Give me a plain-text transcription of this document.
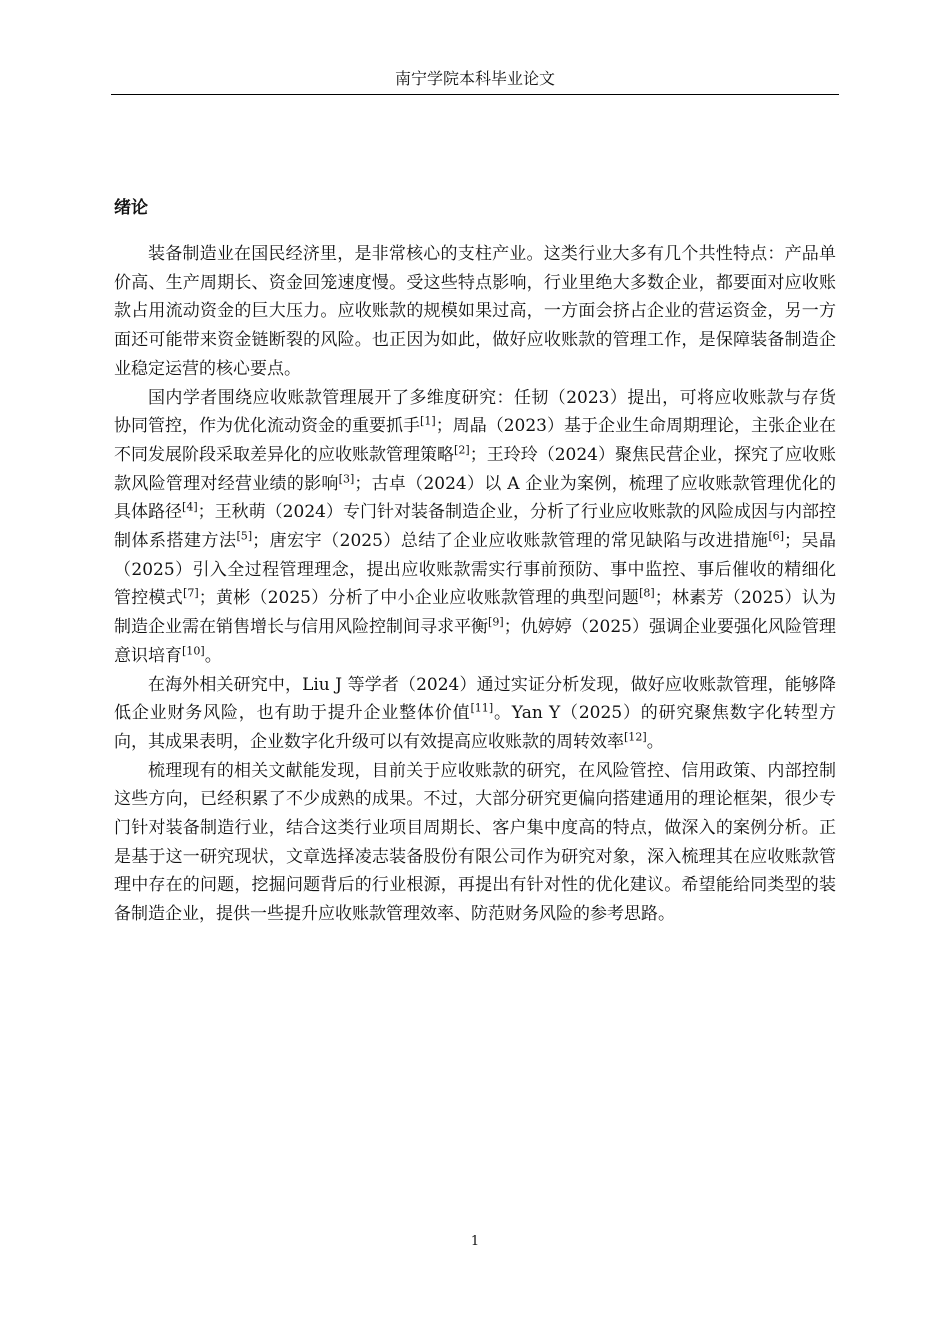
南宁学院本科毕业论文
绪论

装备制造业在国民经济里，是非常核心的支柱产业。这类行业大多有几个共性特点：产品单价高、生产周期长、资金回笼速度慢。受这些特点影响，行业里绝大多数企业，都要面对应收账款占用流动资金的巨大压力。应收账款的规模如果过高，一方面会挤占企业的营运资金，另一方面还可能带来资金链断裂的风险。也正因为如此，做好应收账款的管理工作，是保障装备制造企业稳定运营的核心要点。

国内学者围绕应收账款管理展开了多维度研究：任韧（2023）提出，可将应收账款与存货协同管控，作为优化流动资金的重要抓手[1]；周晶（2023）基于企业生命周期理论，主张企业在不同发展阶段采取差异化的应收账款管理策略[2]；王玲玲（2024）聚焦民营企业，探究了应收账款风险管理对经营业绩的影响[3]；古卓（2024）以 A 企业为案例，梳理了应收账款管理优化的具体路径[4]；王秋萌（2024）专门针对装备制造企业，分析了行业应收账款的风险成因与内部控制体系搭建方法[5]；唐宏宇（2025）总结了企业应收账款管理的常见缺陷与改进措施[6]；吴晶（2025）引入全过程管理理念，提出应收账款需实行事前预防、事中监控、事后催收的精细化管控模式[7]；黄彬（2025）分析了中小企业应收账款管理的典型问题[8]；林素芳（2025）认为制造企业需在销售增长与信用风险控制间寻求平衡[9]；仇婷婷（2025）强调企业要强化风险管理意识培育[10]。

在海外相关研究中，Liu J 等学者（2024）通过实证分析发现，做好应收账款管理，能够降低企业财务风险，也有助于提升企业整体价值[11]。Yan Y（2025）的研究聚焦数字化转型方向，其成果表明，企业数字化升级可以有效提高应收账款的周转效率[12]。

梳理现有的相关文献能发现，目前关于应收账款的研究，在风险管控、信用政策、内部控制这些方向，已经积累了不少成熟的成果。不过，大部分研究更偏向搭建通用的理论框架，很少专门针对装备制造行业，结合这类行业项目周期长、客户集中度高的特点，做深入的案例分析。正是基于这一研究现状，文章选择凌志装备股份有限公司作为研究对象，深入梳理其在应收账款管理中存在的问题，挖掘问题背后的行业根源，再提出有针对性的优化建议。希望能给同类型的装备制造企业，提供一些提升应收账款管理效率、防范财务风险的参考思路。

1
